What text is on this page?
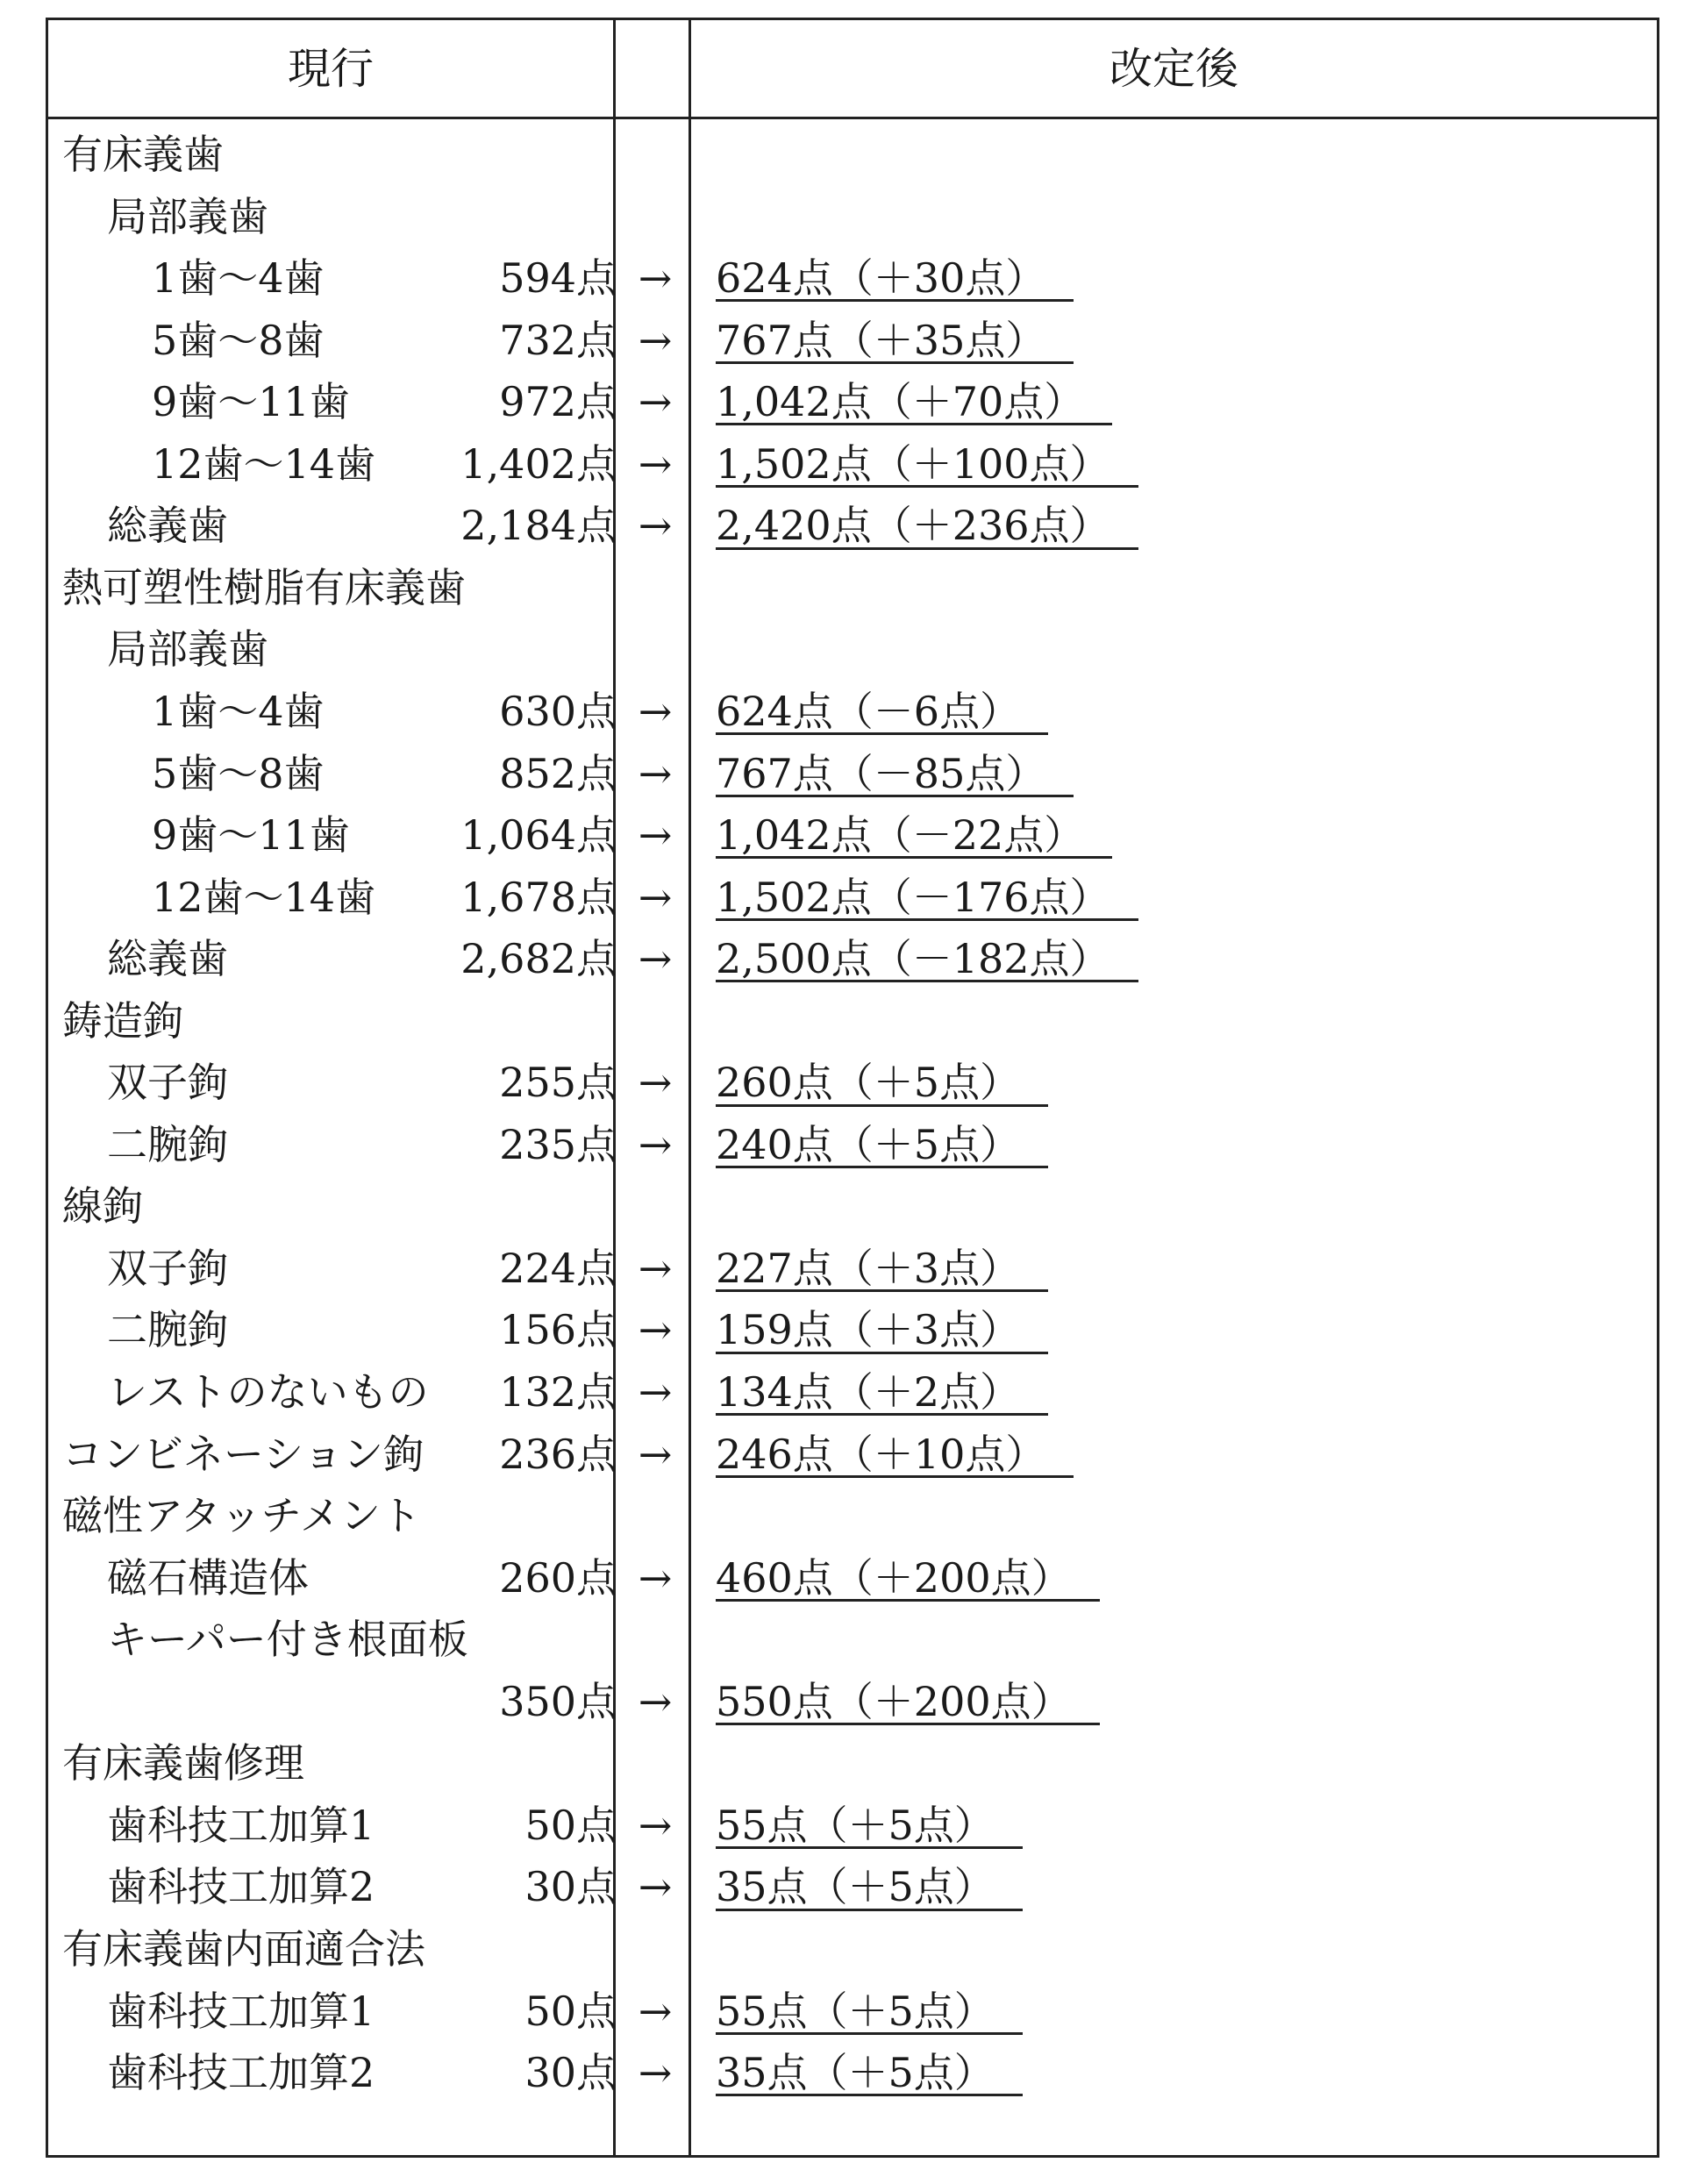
現行	改定後
有床義歯
局部義歯
1歯～4歯	594点 →	624点（＋30点）
5歯～8歯	732点 →	767点（＋35点）
9歯～11歯	972点 →	1,042点（＋70点）
12歯～14歯 1,402点 →	1,502点（＋100点）
総義歯	2,184点 →	2,420点（＋236点）
熱可塑性樹脂有床義歯
局部義歯
1歯～4歯	630点 →	624点（－6点）
5歯～8歯	852点 →	767点（－85点）
9歯～11歯	1,064点 →	1,042点（－22点）
12歯～14歯 1,678点 →	1,502点（－176点）
総義歯	2,682点 →	2,500点（－182点）
鋳造鉤
双子鉤	255点 →	260点（＋5点）
二腕鉤	235点 →	240点（＋5点）
線鉤
双子鉤	224点 →	227点（＋3点）
二腕鉤	156点 →	159点（＋3点）
レストのないもの 132点 →	134点（＋2点）
コンビネーション鉤 236点 →	246点（＋10点）
磁性アタッチメント
磁石構造体	260点 →	460点（＋200点）
キーパー付き根面板
350点 →	550点（＋200点）
有床義歯修理
歯科技工加算1	50点 →	55点（＋5点）
歯科技工加算2	30点 →	35点（＋5点）
有床義歯内面適合法
歯科技工加算1	50点 →	55点（＋5点）
歯科技工加算2	30点 →	35点（＋5点）
